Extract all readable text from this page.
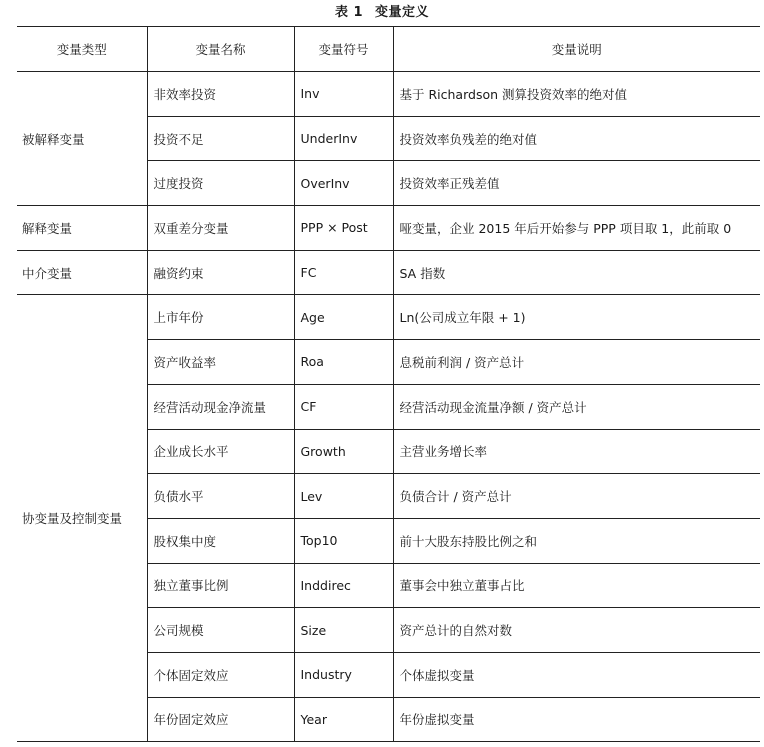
表 1 变量定义
变量类型	变量名称	变量符号	变量说明
被解释变量	非效率投资	Inv	基于 Richardson 测算投资效率的绝对值
	投资不足	UnderInv	投资效率负残差的绝对值
	过度投资	OverInv	投资效率正残差值
解释变量	双重差分变量	PPP × Post	哑变量，企业 2015 年后开始参与 PPP 项目取 1，此前取 0
中介变量	融资约束	FC	SA 指数
协变量及控制变量	上市年份	Age	Ln(公司成立年限 + 1)
	资产收益率	Roa	息税前利润 / 资产总计
	经营活动现金净流量	CF	经营活动现金流量净额 / 资产总计
	企业成长水平	Growth	主营业务增长率
	负债水平	Lev	负债合计 / 资产总计
	股权集中度	Top10	前十大股东持股比例之和
	独立董事比例	Inddirec	董事会中独立董事占比
	公司规模	Size	资产总计的自然对数
	个体固定效应	Industry	个体虚拟变量
	年份固定效应	Year	年份虚拟变量
